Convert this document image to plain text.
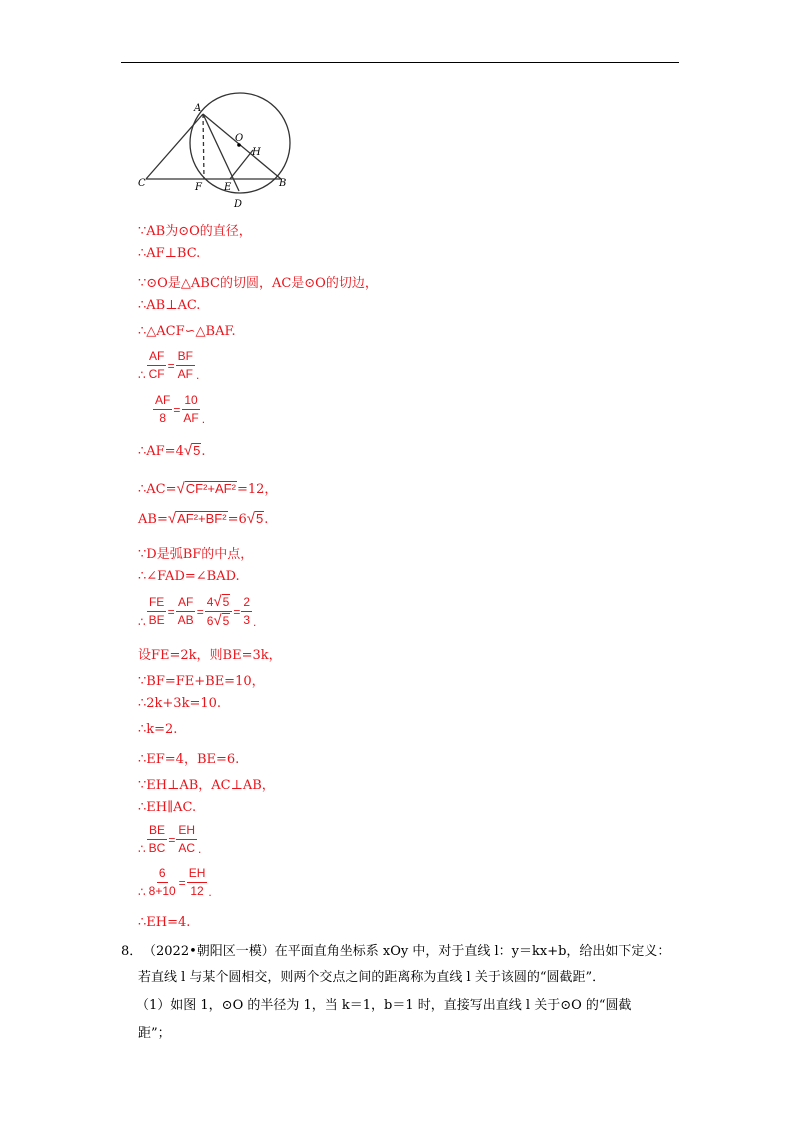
A
O
H
C	F E	B
D
∵AB为⊙O的直径，
∴AF⊥BC.
∵⊙O是△ABC的切圆，AC是⊙O的切边，
∴AB⊥AC.
∴△ACF∽△BAF.
∴ $\frac{AF}{CF} = \frac{BF}{AF}$ .
$\frac{AF}{8} = \frac{10}{AF}$ .
∴AF=4 √ 5 .
∴AC= √ CF²+AF² =12，
AB= √ AF²+BF² =6 √ 5 .
∵D是弧BF的中点，
∴∠FAD=∠BAD.
∴ $\frac{FE}{BE} = \frac{AF}{AB} = \frac{4 √ 5}{6 √ 5} = \frac{2}{3}$ .
设FE=2k，则BE=3k，
∵BF=FE+BE=10，
∴2k+3k=10.
∴k=2.
∴EF=4，BE=6.
∵EH⊥AB，AC⊥AB，
∴EH∥AC.
∴ $\frac{BE}{BC} = \frac{EH}{AC}$ .
∴ $\frac{6}{8+10} = \frac{EH}{12}$ .
∴EH=4.
8． （2022•朝阳区一模）在平面直角坐标系 xOy 中，对于直线 l：y＝kx+b，给出如下定义：
若直线 l 与某个圆相交，则两个交点之间的距离称为直线 l 关于该圆的“圆截距”．
（1）如图 1，⊙O 的半径为 1，当 k＝1，b＝1 时，直接写出直线 l 关于⊙O 的“圆截
距”；
